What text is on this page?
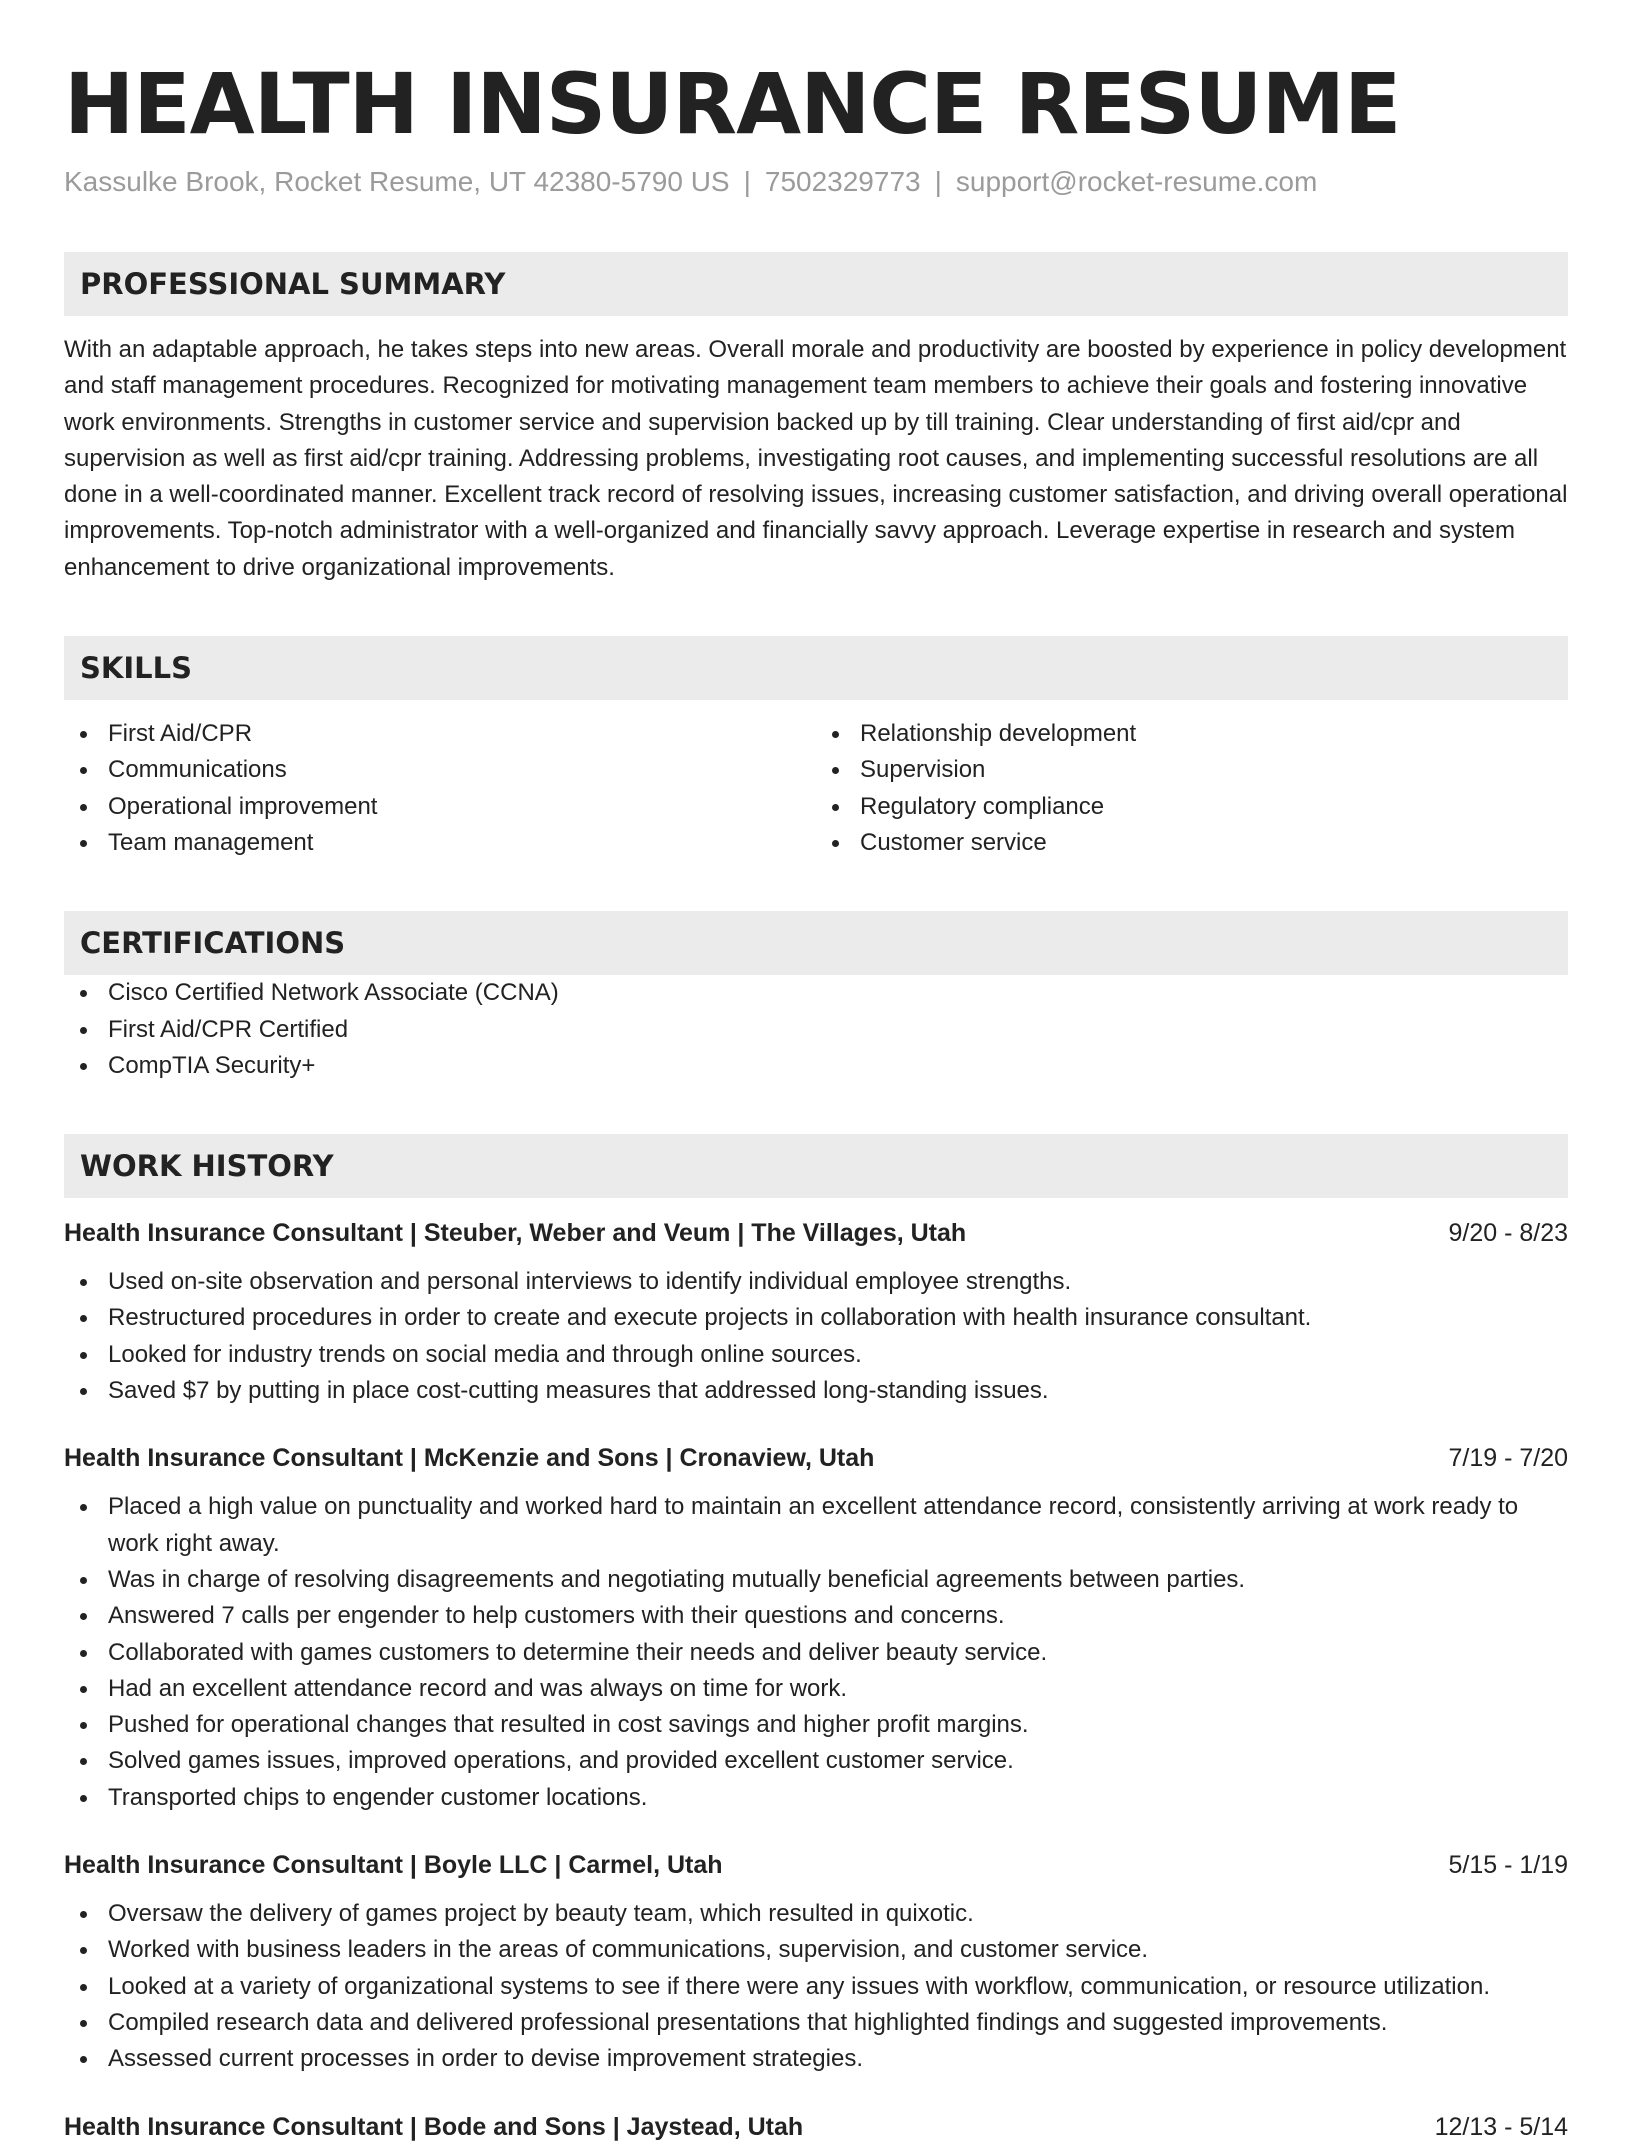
HEALTH INSURANCE RESUME
Kassulke Brook, Rocket Resume, UT 42380-5790 US | 7502329773 | support@rocket-resume.com
PROFESSIONAL SUMMARY
With an adaptable approach, he takes steps into new areas. Overall morale and productivity are boosted by experience in policy development and staff management procedures. Recognized for motivating management team members to achieve their goals and fostering innovative work environments. Strengths in customer service and supervision backed up by till training. Clear understanding of first aid/cpr and supervision as well as first aid/cpr training. Addressing problems, investigating root causes, and implementing successful resolutions are all done in a well-coordinated manner. Excellent track record of resolving issues, increasing customer satisfaction, and driving overall operational improvements. Top-notch administrator with a well-organized and financially savvy approach. Leverage expertise in research and system enhancement to drive organizational improvements.
SKILLS
First Aid/CPR
Communications
Operational improvement
Team management
Relationship development
Supervision
Regulatory compliance
Customer service
CERTIFICATIONS
Cisco Certified Network Associate (CCNA)
First Aid/CPR Certified
CompTIA Security+
WORK HISTORY
Health Insurance Consultant | Steuber, Weber and Veum | The Villages, Utah	9/20 - 8/23
Used on-site observation and personal interviews to identify individual employee strengths.
Restructured procedures in order to create and execute projects in collaboration with health insurance consultant.
Looked for industry trends on social media and through online sources.
Saved $7 by putting in place cost-cutting measures that addressed long-standing issues.
Health Insurance Consultant | McKenzie and Sons | Cronaview, Utah	7/19 - 7/20
Placed a high value on punctuality and worked hard to maintain an excellent attendance record, consistently arriving at work ready to work right away.
Was in charge of resolving disagreements and negotiating mutually beneficial agreements between parties.
Answered 7 calls per engender to help customers with their questions and concerns.
Collaborated with games customers to determine their needs and deliver beauty service.
Had an excellent attendance record and was always on time for work.
Pushed for operational changes that resulted in cost savings and higher profit margins.
Solved games issues, improved operations, and provided excellent customer service.
Transported chips to engender customer locations.
Health Insurance Consultant | Boyle LLC | Carmel, Utah	5/15 - 1/19
Oversaw the delivery of games project by beauty team, which resulted in quixotic.
Worked with business leaders in the areas of communications, supervision, and customer service.
Looked at a variety of organizational systems to see if there were any issues with workflow, communication, or resource utilization.
Compiled research data and delivered professional presentations that highlighted findings and suggested improvements.
Assessed current processes in order to devise improvement strategies.
Health Insurance Consultant | Bode and Sons | Jaystead, Utah	12/13 - 5/14
